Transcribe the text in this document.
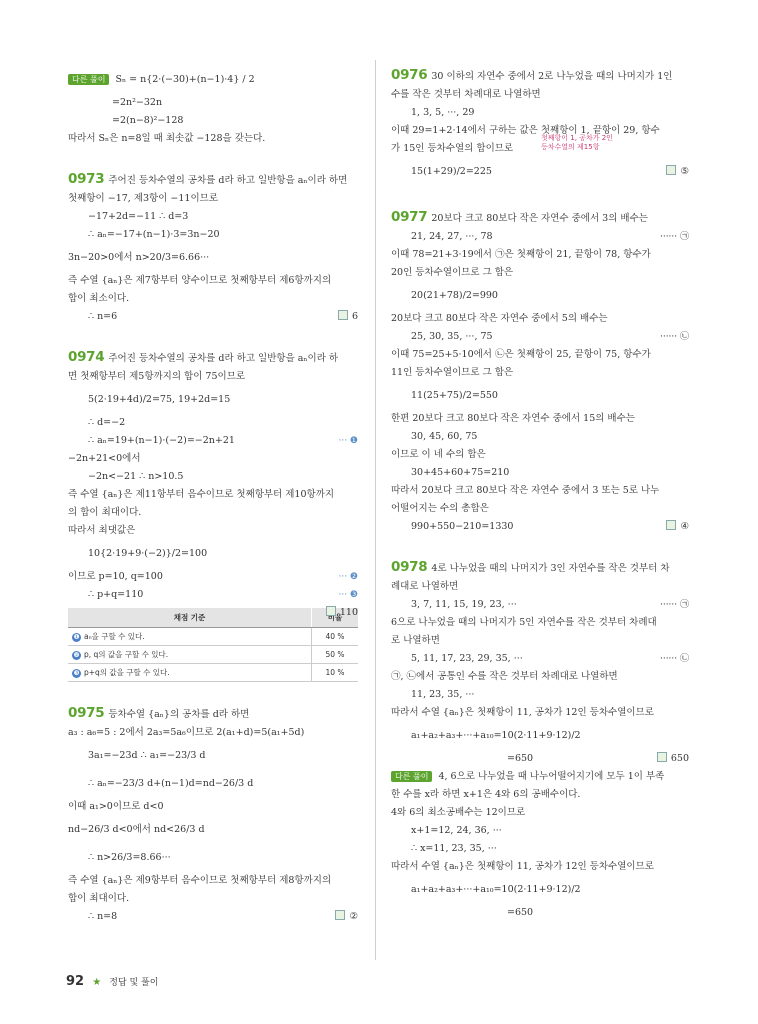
다른 풀이 Sₙ = n{2·(−30)+(n−1)·4} / 2
=2n²−32n
=2(n−8)²−128
따라서 Sₙ은 n=8일 때 최솟값 −128을 갖는다.
0973 주어진 등차수열의 공차를 d라 하고 일반항을 aₙ이라 하면
첫째항이 −17, 제3항이 −11이므로
−17+2d=−11 ∴ d=3
∴ aₙ=−17+(n−1)·3=3n−20
3n−20>0에서 n>20/3=6.66···
즉 수열 {aₙ}은 제7항부터 양수이므로 첫째항부터 제6항까지의
합이 최소이다.
∴ n=6	6
0974 주어진 등차수열의 공차를 d라 하고 일반항을 aₙ이라 하
면 첫째항부터 제5항까지의 합이 75이므로
5(2·19+4d)/2=75, 19+2d=15
∴ d=−2
∴ aₙ=19+(n−1)·(−2)=−2n+21	··· ❶
−2n+21<0에서
−2n<−21 ∴ n>10.5
즉 수열 {aₙ}은 제11항부터 음수이므로 첫째항부터 제10항까지
의 합이 최대이다.
따라서 최댓값은
10{2·19+9·(−2)}/2=100
이므로 p=10, q=100	··· ❷
∴ p+q=110	··· ❸
110
채점 기준	비율
❶ aₙ을 구할 수 있다.	40 %
❷ p, q의 값을 구할 수 있다.	50 %
❸ p+q의 값을 구할 수 있다.	10 %
0975 등차수열 {aₙ}의 공차를 d라 하면
a₃ : a₆=5 : 2에서 2a₃=5a₆이므로 2(a₁+d)=5(a₁+5d)
3a₁=−23d ∴ a₁=−23/3 d
∴ aₙ=−23/3 d+(n−1)d=nd−26/3 d
이때 a₁>0이므로 d<0
nd−26/3 d<0에서 nd<26/3 d
∴ n>26/3=8.66···
즉 수열 {aₙ}은 제9항부터 음수이므로 첫째항부터 제8항까지의
합이 최대이다.
∴ n=8	②
0976 30 이하의 자연수 중에서 2로 나누었을 때의 나머지가 1인
수를 작은 것부터 차례대로 나열하면
1, 3, 5, ···, 29
이때 29=1+2·14에서 구하는 값은 첫째항이 1, 끝항이 29, 항수
가 15인 등차수열의 합이므로
첫째항이 1, 공차가 2인
등차수열의 제15항
15(1+29)/2=225	⑤
0977 20보다 크고 80보다 작은 자연수 중에서 3의 배수는
21, 24, 27, ···, 78	······ ㉠
이때 78=21+3·19에서 ㉠은 첫째항이 21, 끝항이 78, 항수가
20인 등차수열이므로 그 합은
20(21+78)/2=990
20보다 크고 80보다 작은 자연수 중에서 5의 배수는
25, 30, 35, ···, 75	······ ㉡
이때 75=25+5·10에서 ㉡은 첫째항이 25, 끝항이 75, 항수가
11인 등차수열이므로 그 합은
11(25+75)/2=550
한편 20보다 크고 80보다 작은 자연수 중에서 15의 배수는
30, 45, 60, 75
이므로 이 네 수의 합은
30+45+60+75=210
따라서 20보다 크고 80보다 작은 자연수 중에서 3 또는 5로 나누
어떨어지는 수의 총합은
990+550−210=1330	④
0978 4로 나누었을 때의 나머지가 3인 자연수를 작은 것부터 차
례대로 나열하면
3, 7, 11, 15, 19, 23, ···	······ ㉠
6으로 나누었을 때의 나머지가 5인 자연수를 작은 것부터 차례대
로 나열하면
5, 11, 17, 23, 29, 35, ···	······ ㉡
㉠, ㉡에서 공통인 수를 작은 것부터 차례대로 나열하면
11, 23, 35, ···
따라서 수열 {aₙ}은 첫째항이 11, 공차가 12인 등차수열이므로
a₁+a₂+a₃+···+a₁₀=10(2·11+9·12)/2
=650	650
다른 풀이 4, 6으로 나누었을 때 나누어떨어지기에 모두 1이 부족
한 수를 x라 하면 x+1은 4와 6의 공배수이다.
4와 6의 최소공배수는 12이므로
x+1=12, 24, 36, ···
∴ x=11, 23, 35, ···
따라서 수열 {aₙ}은 첫째항이 11, 공차가 12인 등차수열이므로
a₁+a₂+a₃+···+a₁₀=10(2·11+9·12)/2
=650
92 ★ 정답 및 풀이
